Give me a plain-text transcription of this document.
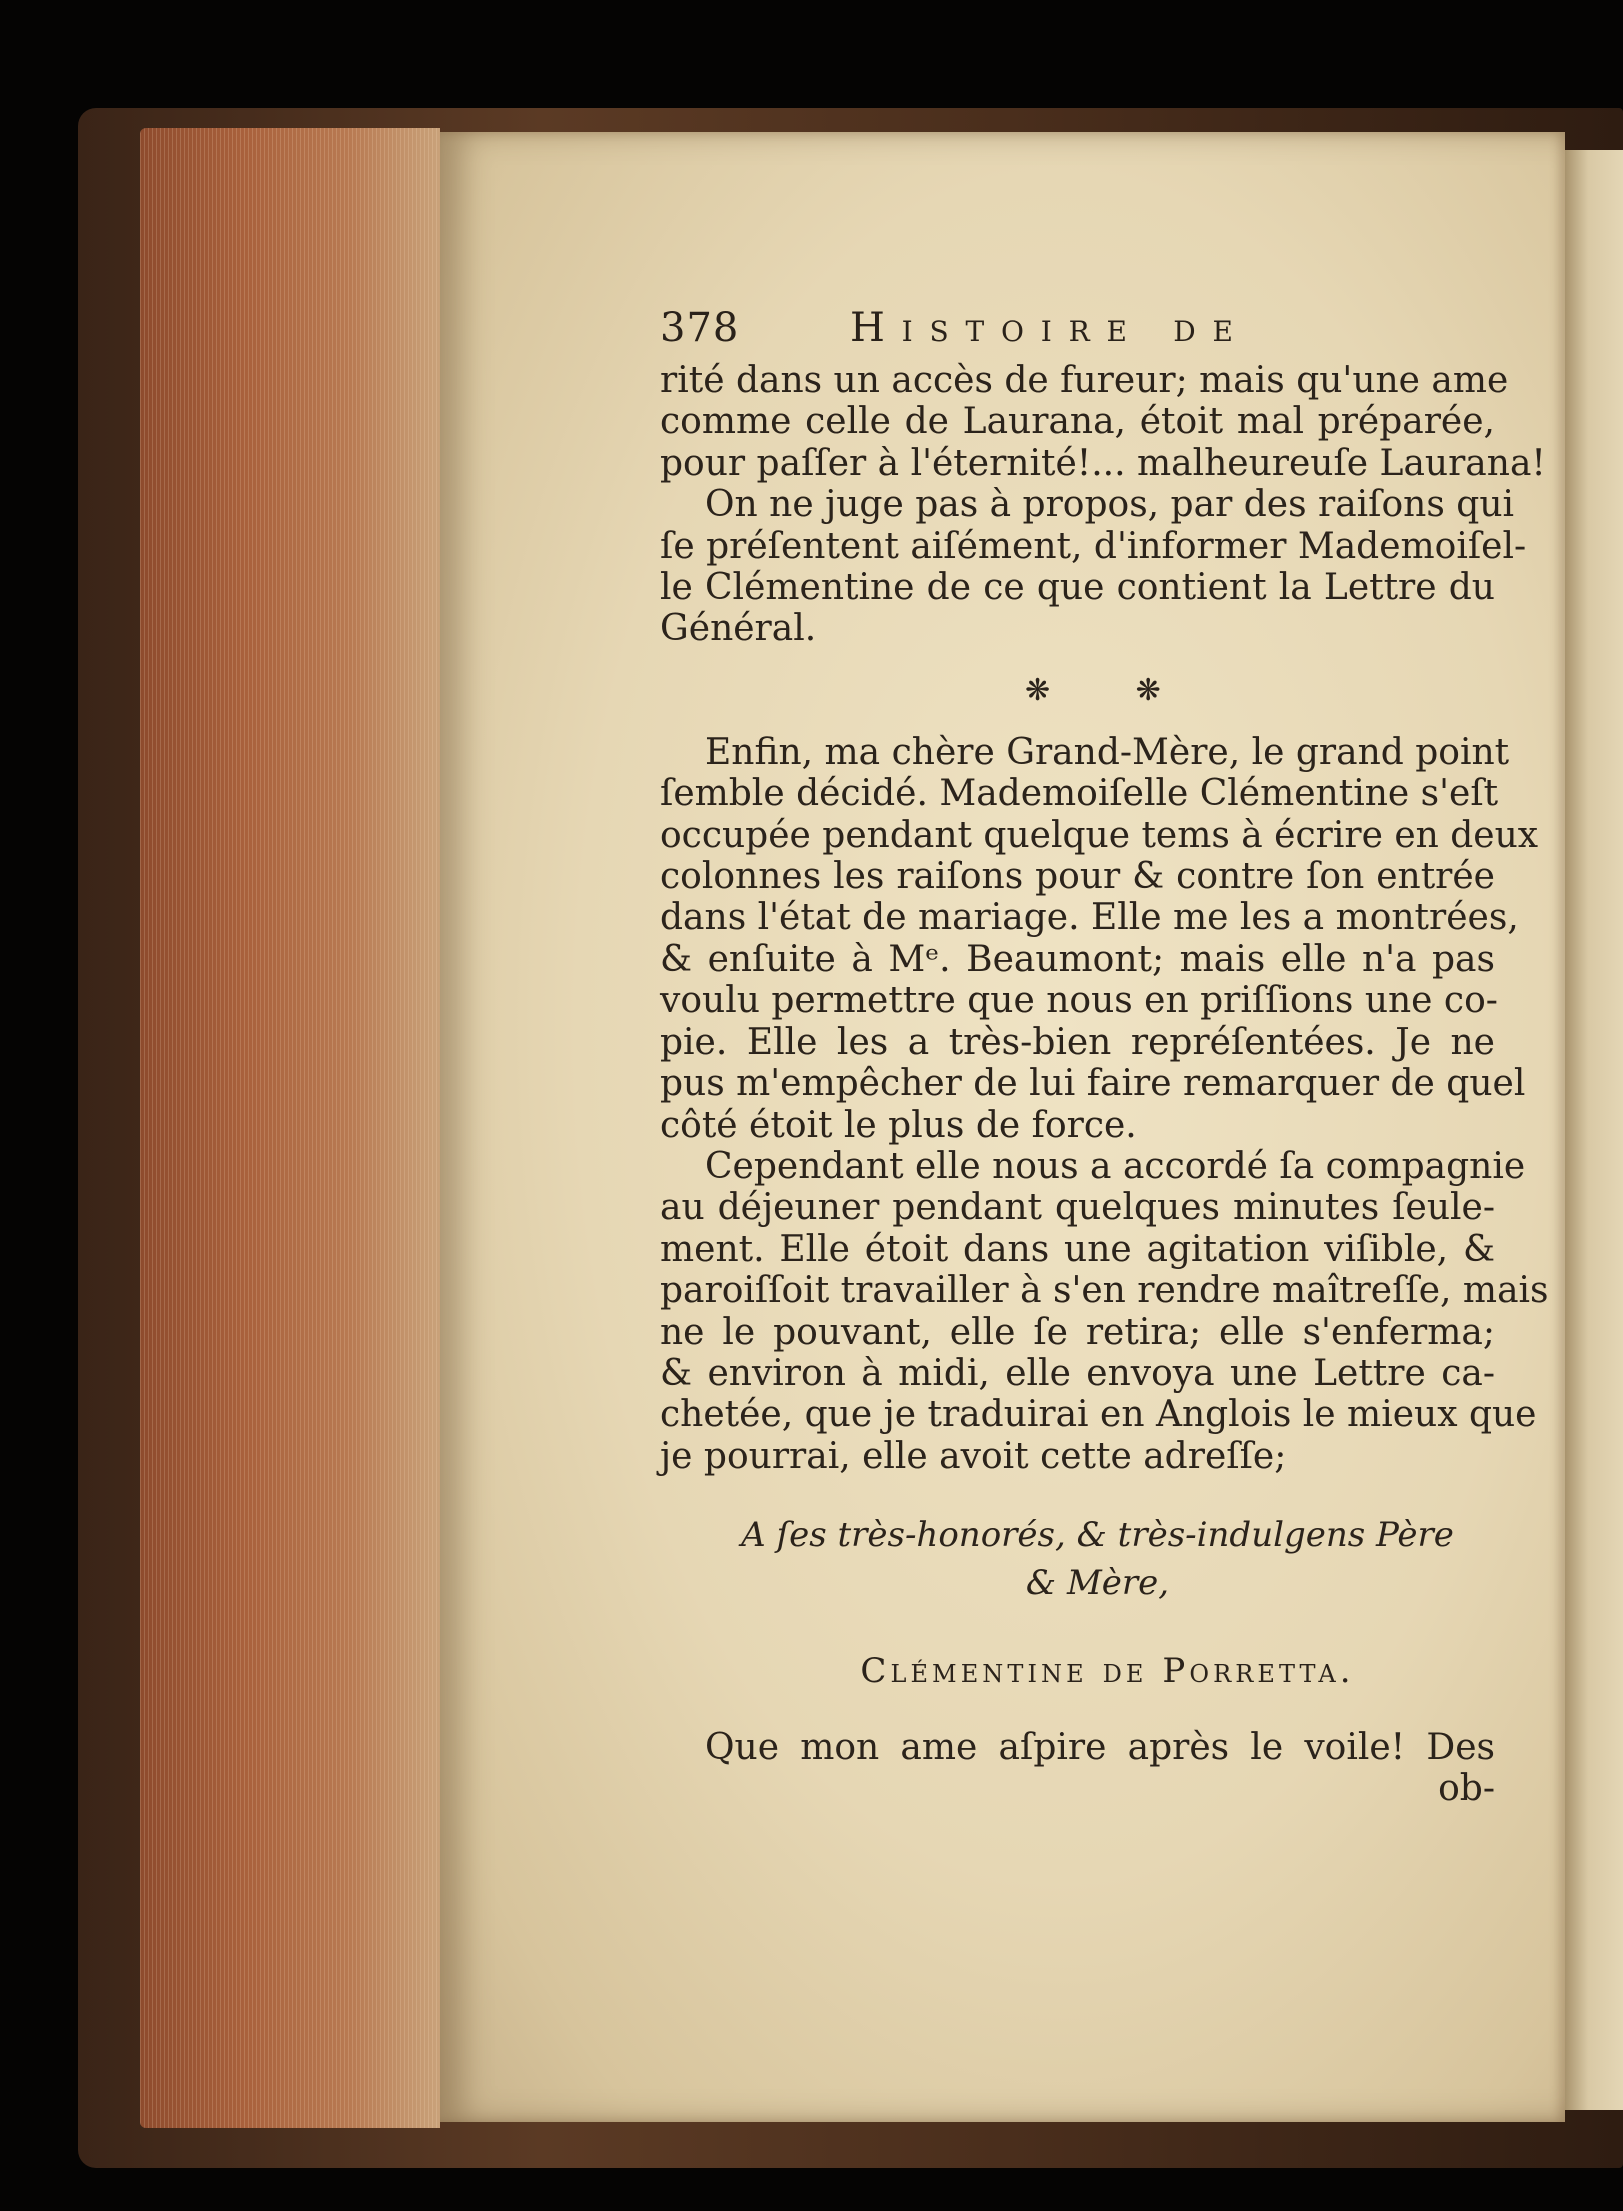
378	Histoire de

rité dans un accès de fureur; mais qu'une ame
comme celle de Laurana, étoit mal préparée,
pour paſſer à l'éternité!... malheureuſe Laurana!

On ne juge pas à propos, par des raiſons qui
ſe préſentent aiſément, d'informer Mademoiſel-
le Clémentine de ce que contient la Lettre du
Général.

❋ ❋

Enfin, ma chère Grand-Mère, le grand point
ſemble décidé. Mademoiſelle Clémentine s'eſt
occupée pendant quelque tems à écrire en deux
colonnes les raiſons pour & contre ſon entrée
dans l'état de mariage. Elle me les a montrées,
& enſuite à Mᵉ. Beaumont; mais elle n'a pas
voulu permettre que nous en priſſions une co-
pie. Elle les a très-bien repréſentées. Je ne
pus m'empêcher de lui faire remarquer de quel
côté étoit le plus de force.

Cependant elle nous a accordé ſa compagnie
au déjeuner pendant quelques minutes ſeule-
ment. Elle étoit dans une agitation viſible, &
paroiſſoit travailler à s'en rendre maîtreſſe, mais
ne le pouvant, elle ſe retira; elle s'enferma;
& environ à midi, elle envoya une Lettre ca-
chetée, que je traduirai en Anglois le mieux que
je pourrai, elle avoit cette adreſſe;

A ſes très-honorés, & très-indulgens Père
& Mère,
Clémentine de Porretta.
Que mon ame aſpire après le voile! Des
ob-
